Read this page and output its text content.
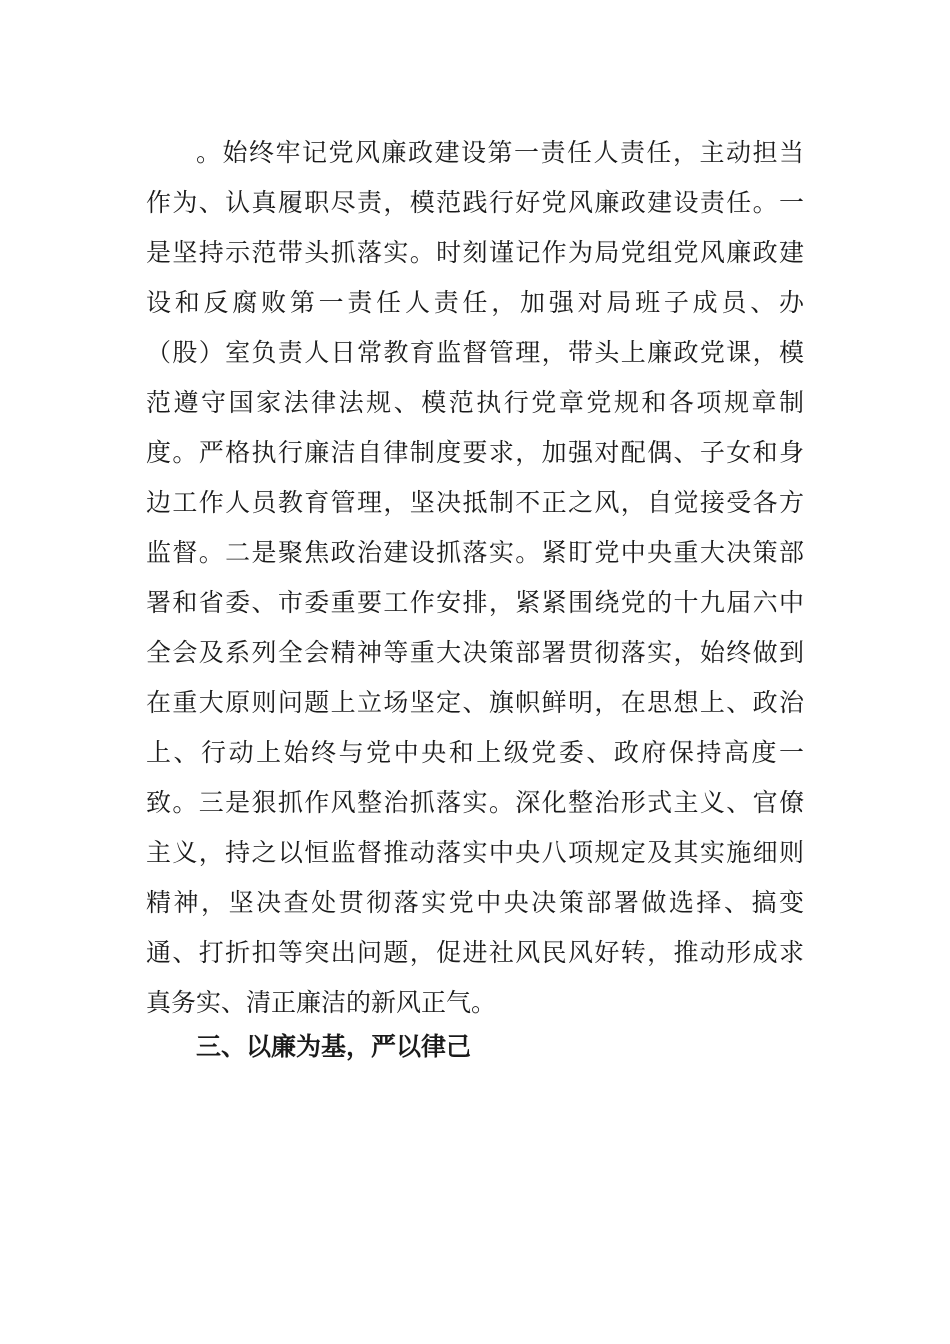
。始终牢记党风廉政建设第一责任人责任，主动担当
作为、认真履职尽责，模范践行好党风廉政建设责任。一
是坚持示范带头抓落实。时刻谨记作为局党组党风廉政建
设和反腐败第一责任人责任，加强对局班子成员、办
（股）室负责人日常教育监督管理，带头上廉政党课，模
范遵守国家法律法规、模范执行党章党规和各项规章制
度。严格执行廉洁自律制度要求，加强对配偶、子女和身
边工作人员教育管理，坚决抵制不正之风，自觉接受各方
监督。二是聚焦政治建设抓落实。紧盯党中央重大决策部
署和省委、市委重要工作安排，紧紧围绕党的十九届六中
全会及系列全会精神等重大决策部署贯彻落实，始终做到
在重大原则问题上立场坚定、旗帜鲜明，在思想上、政治
上、行动上始终与党中央和上级党委、政府保持高度一
致。三是狠抓作风整治抓落实。深化整治形式主义、官僚
主义，持之以恒监督推动落实中央八项规定及其实施细则
精神，坚决查处贯彻落实党中央决策部署做选择、搞变
通、打折扣等突出问题，促进社风民风好转，推动形成求
真务实、清正廉洁的新风正气。
三、以廉为基，严以律己
